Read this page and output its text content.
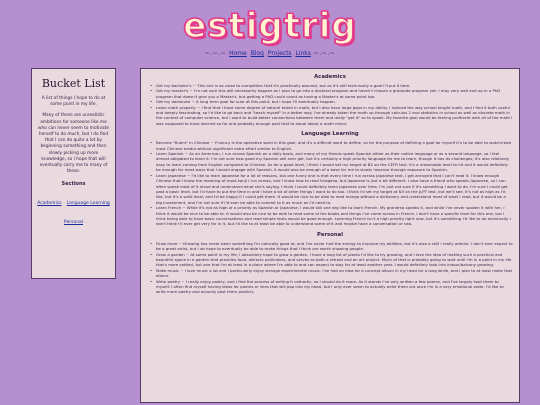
estigtrig
~.~.~ Home Blog Projects Links ~.~.~
Bucket List

A list of things I hope to do at some point in my life.

Many of these are unrealistic ambitions for someone like me who can never seem to motivate herself to do much, but I do find that I can do quite a lot by beginning something and then slowly picking up more knowledge, so I hope that will eventually carry me to many of these.

Sections
Academics Language Learning Personal
Academics
• Get my bachelor's ~ This one is so close to completion that it's practically assured, but as it's still technically a goal I'll put it here.
• Get my master's ~ I'm not sure this will necessarily happen as I plan to go into a doctoral program and haven't chosen a graduate program yet. I may very well end up in a PhD program that doesn't give you a Master's, but getting a PhD could count as having a Master's at some point too.
• Get my doctorate ~ A long term goal for sure at this point, but I hope I'll eventually happen.
• Learn math properly ~ I find that I have some degree of natural talent in math, but I also have large gaps in my ability. I noticed the way school taught math, and I find it both useful and deeply fascinating, so I'd like to go back and "teach myself" in a better way. I've already taken the math up through calculus 2 and statistics in school as well as discrete math in the context of computer science, but I want to build better connections between them and really "get it" so to speak. My favorite goal would be feeling proficient with all of the math I was supposed to have learned so far and probably enough past that to equal about a math minor.
Language Learning
• Become "fluent" in Chinese ~ Fluency is the operative word in this goal, and it's a difficult word to define, so for the purpose of defining a goal for myself it's to be able to watch/read most Chinese media without significant extra effort similar to English.
• Learn Spanish ~ As an American, I run across Spanish on a daily basis, and many of my friends speak Spanish either as their native language or as a second language, so I feel almost obligated to learn it. I'm not sure how good my Spanish will ever get, but it's certainly a high priority language for me to learn, though it has its challenges; it's also relatively easy to learn coming from English compared to Chinese. As for a good level, I think I would set my target at B2 on the CEFR test. It's a reasonable level to hit and it would definitely be enough for most ways that I would engage with Spanish. It would also be enough of a base for me to slowly improve through exposure to Spanish.
• Learn Japanese ~ I'd like to learn Japanese for a lot of reasons, but one funny one is that every time I run across Japanese text, I get annoyed that I can't read it. I know enough Chinese that I know the meaning of most kanji I run across, and I know how to read hiragana, but Japanese is just a bit different. I also have a friend who speaks Japanese, so I can often speak most of it aloud and understand what she's saying. I think I could definitely learn Japanese over time, I'm just not sure if it's something I want to do. I'm sure I could get past a basic level, but I'd have to put the time in and I have a lot of other things I want to do too. I think I'd set my target at N3 on the JLPT test, but we'll see. It's not as high as I'd like, but it's a solid level, and I'd be happy if I could get there. It would be nice to be able to read manga without a dictionary and understand most of what I read, but it would be a big investment, and I'm not sure if I'd ever be able to commit to it as much as I'd need to.
• Learn French ~ While it's not as high of a priority as Spanish or Japanese, I would still one day like to learn French. My grandma speaks it, and while I've never spoken it with her, I think it would be nice to be able to. It would also be nice to be able to read some of the books and things I've come across in French. I don't have a specific level for this one, but I think being able to have basic conversations and read simple texts would be good enough. Learning French isn't a high priority right now, but it's something I'd like to do eventually. I don't think I'll ever get very far in it, but I'd like to at least be able to understand some of it and maybe have a conversation or two.
Personal
• Draw more ~ Drawing has never been something I'm naturally good at, and I've never had the energy to improve my abilities, but it's also a skill I really admire. I don't ever expect to be a great artist, but I do hope to eventually be able to make things that I think are worth showing people.
• Grow a garden ~ At some point in my life, I absolutely hope to grow a garden. I have a long list of plants I'd like to try growing, and I love the idea of making such a practical and beautiful space in a garden that provides food, attracts pollinators, and serves as both a retreat and an art project. Much of that is probably going to wait until I'm in a point in my life that's more settled, but one that I'm at least in a place where I'm able to and can expect to stay for at least another year. I would definitely look into indoor/balcony growing.
• Make music ~ I love music a lot and I particularly enjoy strange experimental music. I've had an idea for a concept album in my head for a long while, and I plan to at least make that album.
• Write poetry ~ I really enjoy poetry, and I find the process of writing it cathartic, so I should do it more. As it stands I've only written a few poems, and I've largely kept them to myself. I often find myself having ideas for poems or lines that will pop into my head, but I only ever seem to actually write them out once I'm in a very emotional state. I'd like to write more poetry and actually post them publicly.
